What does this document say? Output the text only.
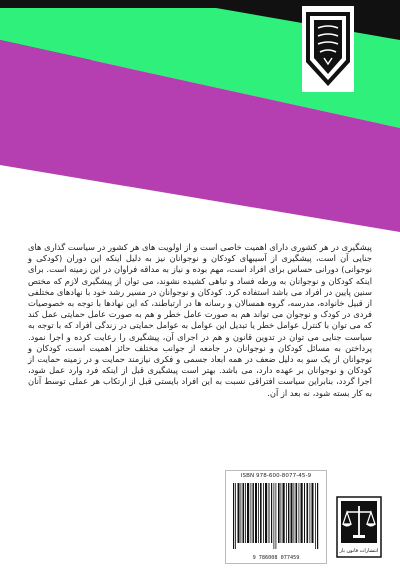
پیشگیری در هر کشوری دارای اهمیت خاصی است و از اولویت های هر کشور در سیاست گذاری های جنایی آن است، پیشگیری از آسیبهای کودکان و نوجوانان نیز به دلیل اینکه این دوران (کودکی و نوجوانی) دورانی حساس برای افراد است، مهم بوده و نیاز به مداقه فراوان در این زمینه است. برای اینکه کودکان و نوجوانان به ورطه فساد و تباهی کشیده نشوند، می توان از پیشگیری لازم که مختص سنین پایین در افراد می باشد استفاده کرد. کودکان و نوجوانان در مسیر رشد خود با نهادهای مختلفی از قبیل خانواده، مدرسه، گروه همسالان و رسانه ها در ارتباطند، که این نهادها با توجه به خصوصیات فردی در کودک و نوجوان می تواند هم به صورت عامل خطر و هم به صورت عامل حمایتی عمل کند که می توان با کنترل عوامل خطر یا تبدیل این عوامل به عوامل حمایتی در زندگی افراد که با توجه به سیاست جنایی می توان در تدوین قانون و هم در اجرای آن، پیشگیری را رعایت کرده و اجرا نمود. پرداختن به مسائل کودکان و نوجوانان در جامعه از جوانب مختلف حائز اهمیت است، کودکان و نوجوانان از یک سو به دلیل ضعف در همه ابعاد جسمی و فکری نیازمند حمایت و در زمینه حمایت از کودکان و نوجوانان بر عهده دارد، می باشد. بهتر است پیشگیری قبل از اینکه فرد وارد عمل شود، اجرا گردد، بنابراین سیاست افتراقی نسبت به این افراد بایستی قبل از ارتکاب هر عملی توسط آنان به کار بسته شود، نه بعد از آن.
ISBN 978-600-8077-45-9
9 786008 077459
انتشارات قانون یار
